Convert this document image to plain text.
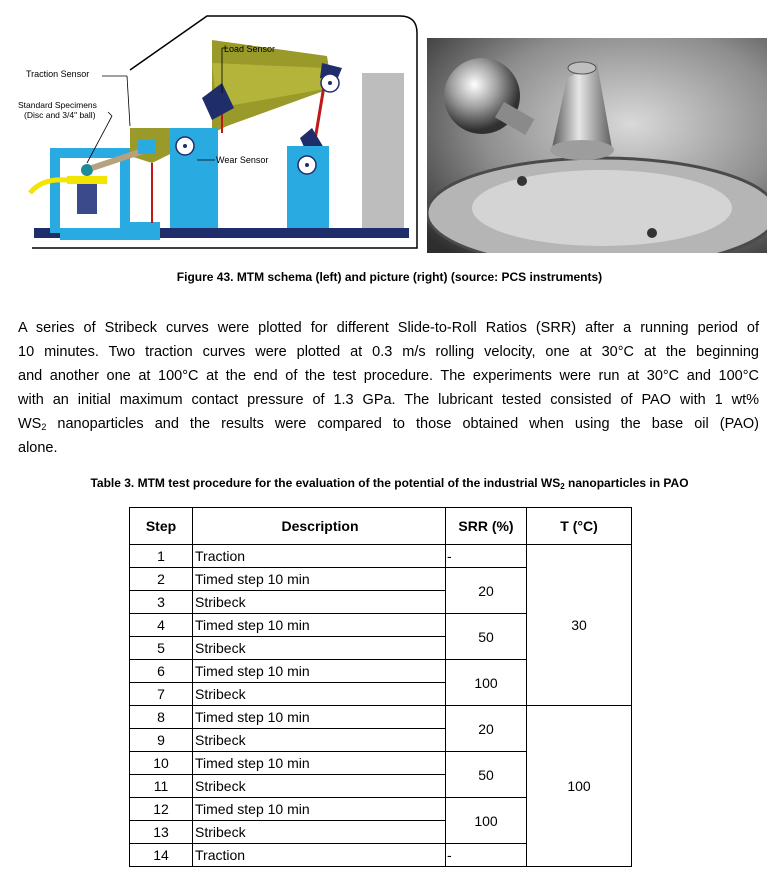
Load Sensor
Traction Sensor
Standard Specimens
(Disc and 3/4" ball)
Wear Sensor
Figure 43. MTM schema (left) and picture (right) (source: PCS instruments)
A series of Stribeck curves were plotted for different Slide-to-Roll Ratios (SRR) after a running period of
10 minutes. Two traction curves were plotted at 0.3 m/s rolling velocity, one at 30°C at the beginning
and another one at 100°C at the end of the test procedure. The experiments were run at 30°C and 100°C
with an initial maximum contact pressure of 1.3 GPa. The lubricant tested consisted of PAO with 1 wt%
$WS_2$ nanoparticles and the results were compared to those obtained when using the base oil (PAO)
alone.
Table 3. MTM test procedure for the evaluation of the potential of the industrial $WS_2$ nanoparticles in PAO
Step	Description	SRR (%)	T (°C)
1	Traction	-	30
2	Timed step 10 min	20	
3	Stribeck		
4	Timed step 10 min	50	
5	Stribeck		
6	Timed step 10 min	100	
7	Stribeck		
8	Timed step 10 min	20	100
9	Stribeck		
10	Timed step 10 min	50	
11	Stribeck		
12	Timed step 10 min	100	
13	Stribeck		
14	Traction	-	
